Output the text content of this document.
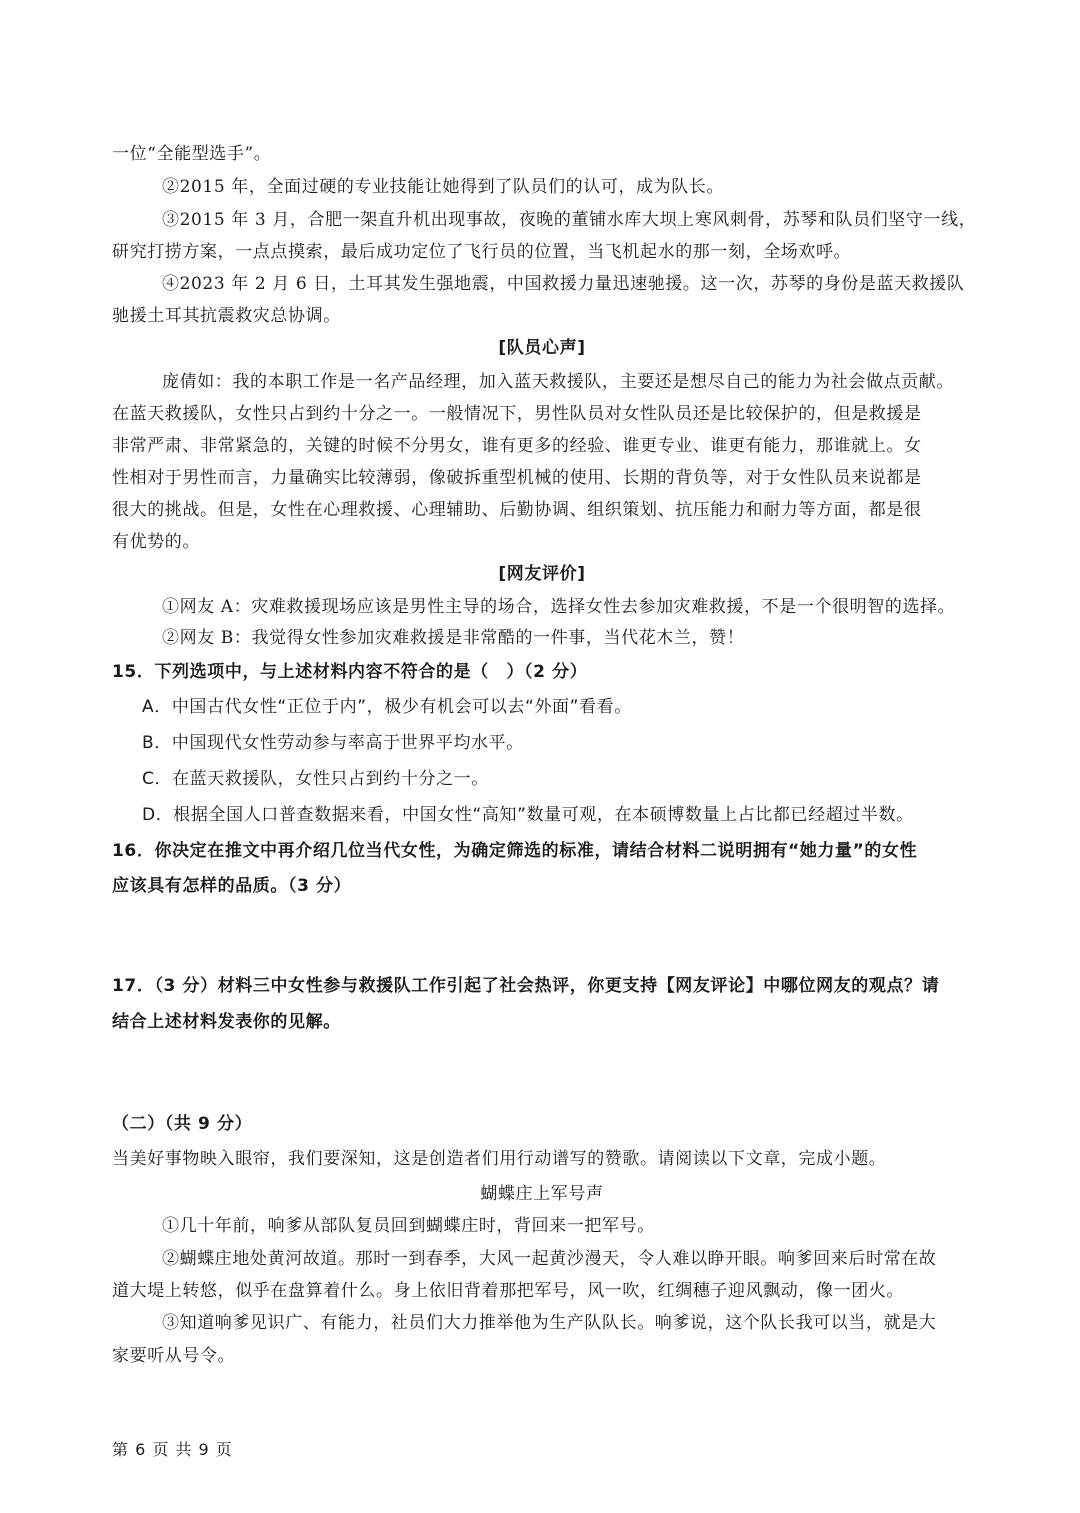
一位“全能型选手”。
②2015 年，全面过硬的专业技能让她得到了队员们的认可，成为队长。
③2015 年 3 月，合肥一架直升机出现事故，夜晚的董铺水库大坝上寒风刺骨，苏琴和队员们坚守一线，
研究打捞方案，一点点摸索，最后成功定位了飞行员的位置，当飞机起水的那一刻，全场欢呼。
④2023 年 2 月 6 日，土耳其发生强地震，中国救援力量迅速驰援。这一次，苏琴的身份是蓝天救援队
驰援土耳其抗震救灾总协调。
[队员心声]
庞倩如：我的本职工作是一名产品经理，加入蓝天救援队，主要还是想尽自己的能力为社会做点贡献。
在蓝天救援队，女性只占到约十分之一。一般情况下，男性队员对女性队员还是比较保护的，但是救援是
非常严肃、非常紧急的，关键的时候不分男女，谁有更多的经验、谁更专业、谁更有能力，那谁就上。女
性相对于男性而言，力量确实比较薄弱，像破拆重型机械的使用、长期的背负等，对于女性队员来说都是
很大的挑战。但是，女性在心理救援、心理辅助、后勤协调、组织策划、抗压能力和耐力等方面，都是很
有优势的。
[网友评价]
①网友 A：灾难救援现场应该是男性主导的场合，选择女性去参加灾难救援，不是一个很明智的选择。
②网友 B：我觉得女性参加灾难救援是非常酷的一件事，当代花木兰，赞！
15．下列选项中，与上述材料内容不符合的是（　）（2 分）
A．中国古代女性“正位于内”，极少有机会可以去“外面”看看。
B．中国现代女性劳动参与率高于世界平均水平。
C．在蓝天救援队，女性只占到约十分之一。
D．根据全国人口普查数据来看，中国女性“高知”数量可观，在本硕博数量上占比都已经超过半数。
16．你决定在推文中再介绍几位当代女性，为确定筛选的标准，请结合材料二说明拥有“她力量”的女性
应该具有怎样的品质。（3 分）
17．（3 分）材料三中女性参与救援队工作引起了社会热评，你更支持【网友评论】中哪位网友的观点？请
结合上述材料发表你的见解。
（二）（共 9 分）
当美好事物映入眼帘，我们要深知，这是创造者们用行动谱写的赞歌。请阅读以下文章，完成小题。
蝴蝶庄上军号声
①几十年前，响爹从部队复员回到蝴蝶庄时，背回来一把军号。
②蝴蝶庄地处黄河故道。那时一到春季，大风一起黄沙漫天，令人难以睁开眼。响爹回来后时常在故
道大堤上转悠，似乎在盘算着什么。身上依旧背着那把军号，风一吹，红绸穗子迎风飘动，像一团火。
③知道响爹见识广、有能力，社员们大力推举他为生产队队长。响爹说，这个队长我可以当，就是大
家要听从号令。
第 6 页 共 9 页
